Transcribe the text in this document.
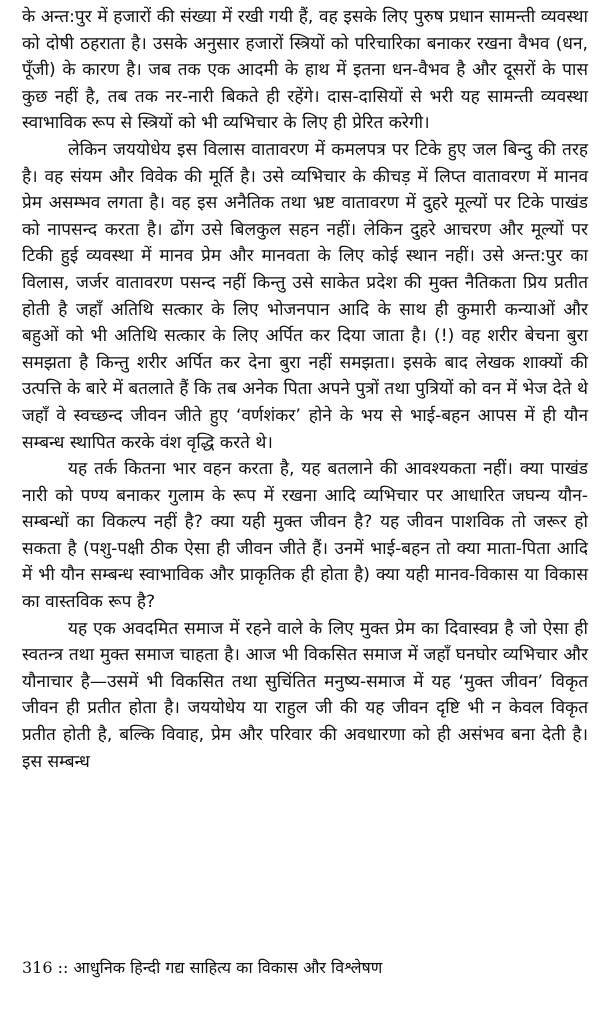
के अन्त:पुर में हजारों की संख्या में रखी गयी हैं, वह इसके लिए पुरुष प्रधान सामन्ती व्यवस्था को दोषी ठहराता है। उसके अनुसार हजारों स्त्रियों को परिचारिका बनाकर रखना वैभव (धन, पूँजी) के कारण है। जब तक एक आदमी के हाथ में इतना धन-वैभव है और दूसरों के पास कुछ नहीं है, तब तक नर-नारी बिकते ही रहेंगे। दास-दासियों से भरी यह सामन्ती व्यवस्था स्वाभाविक रूप से स्त्रियों को भी व्यभिचार के लिए ही प्रेरित करेगी।

लेकिन जययोधेय इस विलास वातावरण में कमलपत्र पर टिके हुए जल बिन्दु की तरह है। वह संयम और विवेक की मूर्ति है। उसे व्यभिचार के कीचड़ में लिप्त वातावरण में मानव प्रेम असम्भव लगता है। वह इस अनैतिक तथा भ्रष्ट वातावरण में दुहरे मूल्यों पर टिके पाखंड को नापसन्द करता है। ढोंग उसे बिलकुल सहन नहीं। लेकिन दुहरे आचरण और मूल्यों पर टिकी हुई व्यवस्था में मानव प्रेम और मानवता के लिए कोई स्थान नहीं। उसे अन्त:पुर का विलास, जर्जर वातावरण पसन्द नहीं किन्तु उसे साकेत प्रदेश की मुक्त नैतिकता प्रिय प्रतीत होती है जहाँ अतिथि सत्कार के लिए भोजनपान आदि के साथ ही कुमारी कन्याओं और बहुओं को भी अतिथि सत्कार के लिए अर्पित कर दिया जाता है। (!) वह शरीर बेचना बुरा समझता है किन्तु शरीर अर्पित कर देना बुरा नहीं समझता। इसके बाद लेखक शाक्यों की उत्पत्ति के बारे में बतलाते हैं कि तब अनेक पिता अपने पुत्रों तथा पुत्रियों को वन में भेज देते थे जहाँ वे स्वच्छन्द जीवन जीते हुए ‘वर्णशंकर’ होने के भय से भाई-बहन आपस में ही यौन सम्बन्ध स्थापित करके वंश वृद्धि करते थे।

यह तर्क कितना भार वहन करता है, यह बतलाने की आवश्यकता नहीं। क्या पाखंड नारी को पण्य बनाकर गुलाम के रूप में रखना आदि व्यभिचार पर आधारित जघन्य यौन-सम्बन्धों का विकल्प नहीं है? क्या यही मुक्त जीवन है? यह जीवन पाशविक तो जरूर हो सकता है (पशु-पक्षी ठीक ऐसा ही जीवन जीते हैं। उनमें भाई-बहन तो क्या माता-पिता आदि में भी यौन सम्बन्ध स्वाभाविक और प्राकृतिक ही होता है) क्या यही मानव-विकास या विकास का वास्तविक रूप है?

यह एक अवदमित समाज में रहने वाले के लिए मुक्त प्रेम का दिवास्वप्न है जो ऐसा ही स्वतन्त्र तथा मुक्त समाज चाहता है। आज भी विकसित समाज में जहाँ घनघोर व्यभिचार और यौनाचार है—उसमें भी विकसित तथा सुचिंतित मनुष्य-समाज में यह ‘मुक्त जीवन’ विकृत जीवन ही प्रतीत होता है। जययोधेय या राहुल जी की यह जीवन दृष्टि भी न केवल विकृत प्रतीत होती है, बल्कि विवाह, प्रेम और परिवार की अवधारणा को ही असंभव बना देती है। इस सम्बन्ध

316 :: आधुनिक हिन्दी गद्य साहित्य का विकास और विश्लेषण
